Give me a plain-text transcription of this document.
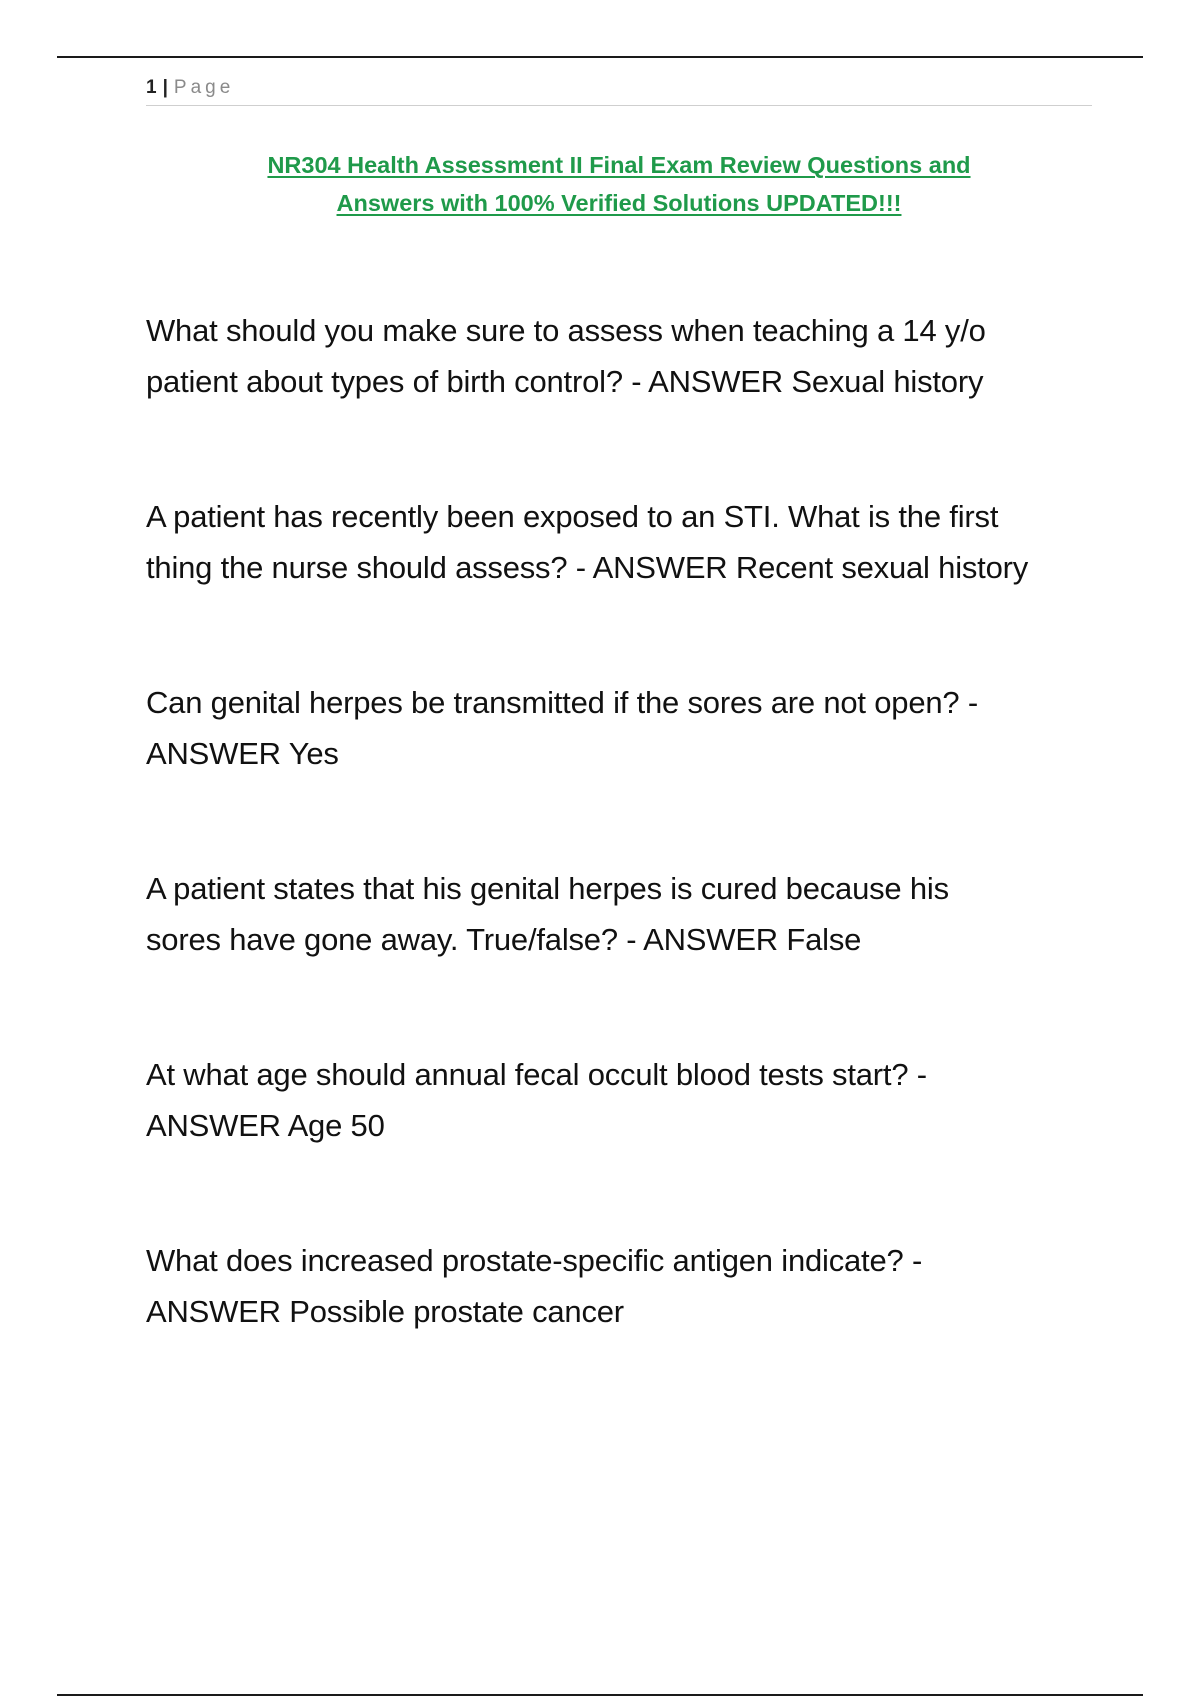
1 | Page
NR304 Health Assessment II Final Exam Review Questions and
Answers with 100% Verified Solutions UPDATED!!!
What should you make sure to assess when teaching a 14 y/o
patient about types of birth control? - ANSWER Sexual history
A patient has recently been exposed to an STI. What is the first
thing the nurse should assess? - ANSWER Recent sexual history
Can genital herpes be transmitted if the sores are not open? -
ANSWER Yes
A patient states that his genital herpes is cured because his
sores have gone away. True/false? - ANSWER False
At what age should annual fecal occult blood tests start? -
ANSWER Age 50
What does increased prostate-specific antigen indicate? -
ANSWER Possible prostate cancer
